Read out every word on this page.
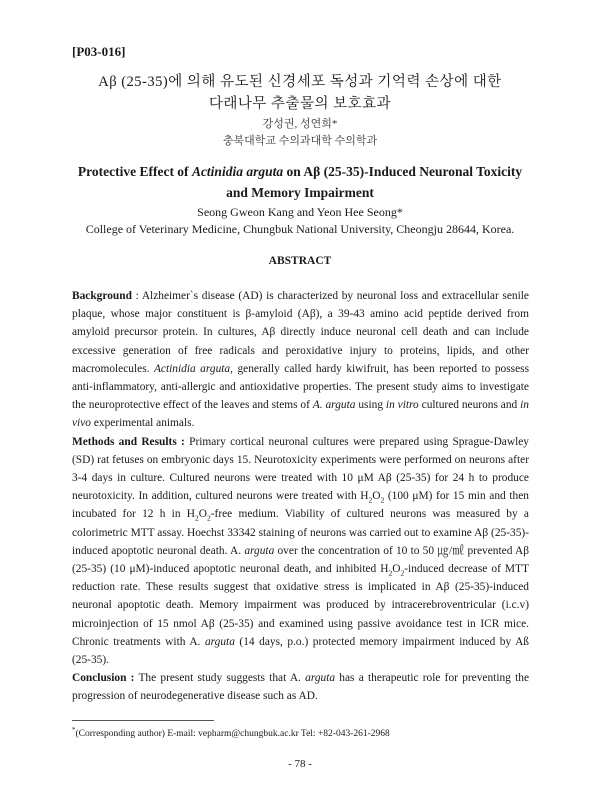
[P03-016]
Aβ (25-35)에 의해 유도된 신경세포 독성과 기억력 손상에 대한
다래나무 추출물의 보호효과
강성권, 성연희*
충북대학교 수의과대학 수의학과
Protective Effect of Actinidia arguta on Aβ (25-35)-Induced Neuronal Toxicity
and Memory Impairment
Seong Gweon Kang and Yeon Hee Seong*
College of Veterinary Medicine, Chungbuk National University, Cheongju 28644, Korea.
ABSTRACT

Background : Alzheimer`s disease (AD) is characterized by neuronal loss and extracellular senile plaque, whose major constituent is β-amyloid (Aβ), a 39-43 amino acid peptide derived from amyloid precursor protein. In cultures, Aβ directly induce neuronal cell death and can include excessive generation of free radicals and peroxidative injury to proteins, lipids, and other macromolecules. Actinidia arguta, generally called hardy kiwifruit, has been reported to possess anti-inflammatory, anti-allergic and antioxidative properties. The present study aims to investigate the neuroprotective effect of the leaves and stems of A. arguta using in vitro cultured neurons and in vivo experimental animals.

Methods and Results : Primary cortical neuronal cultures were prepared using Sprague-Dawley (SD) rat fetuses on embryonic days 15. Neurotoxicity experiments were performed on neurons after 3-4 days in culture. Cultured neurons were treated with 10 μM Aβ (25-35) for 24 h to produce neurotoxicity. In addition, cultured neurons were treated with $H_2O_2$ (100 μM) for 15 min and then incubated for 12 h in $H_2O_2$-free medium. Viability of cultured neurons was measured by a colorimetric MTT assay. Hoechst 33342 staining of neurons was carried out to examine Aβ (25-35)-induced apoptotic neuronal death. A. arguta over the concentration of 10 to 50 ㎍/㎖ prevented Aβ (25-35) (10 μM)-induced apoptotic neuronal death, and inhibited $H_2O_2$-induced decrease of MTT reduction rate. These results suggest that oxidative stress is implicated in Aβ (25-35)-induced neuronal apoptotic death. Memory impairment was produced by intracerebroventricular (i.c.v) microinjection of 15 nmol Aβ (25-35) and examined using passive avoidance test in ICR mice. Chronic treatments with A. arguta (14 days, p.o.) protected memory impairment induced by Aß (25-35).

Conclusion : The present study suggests that A. arguta has a therapeutic role for preventing the progression of neurodegenerative disease such as AD.

*(Corresponding author) E-mail: vepharm@chungbuk.ac.kr Tel: +82-043-261-2968
- 78 -
